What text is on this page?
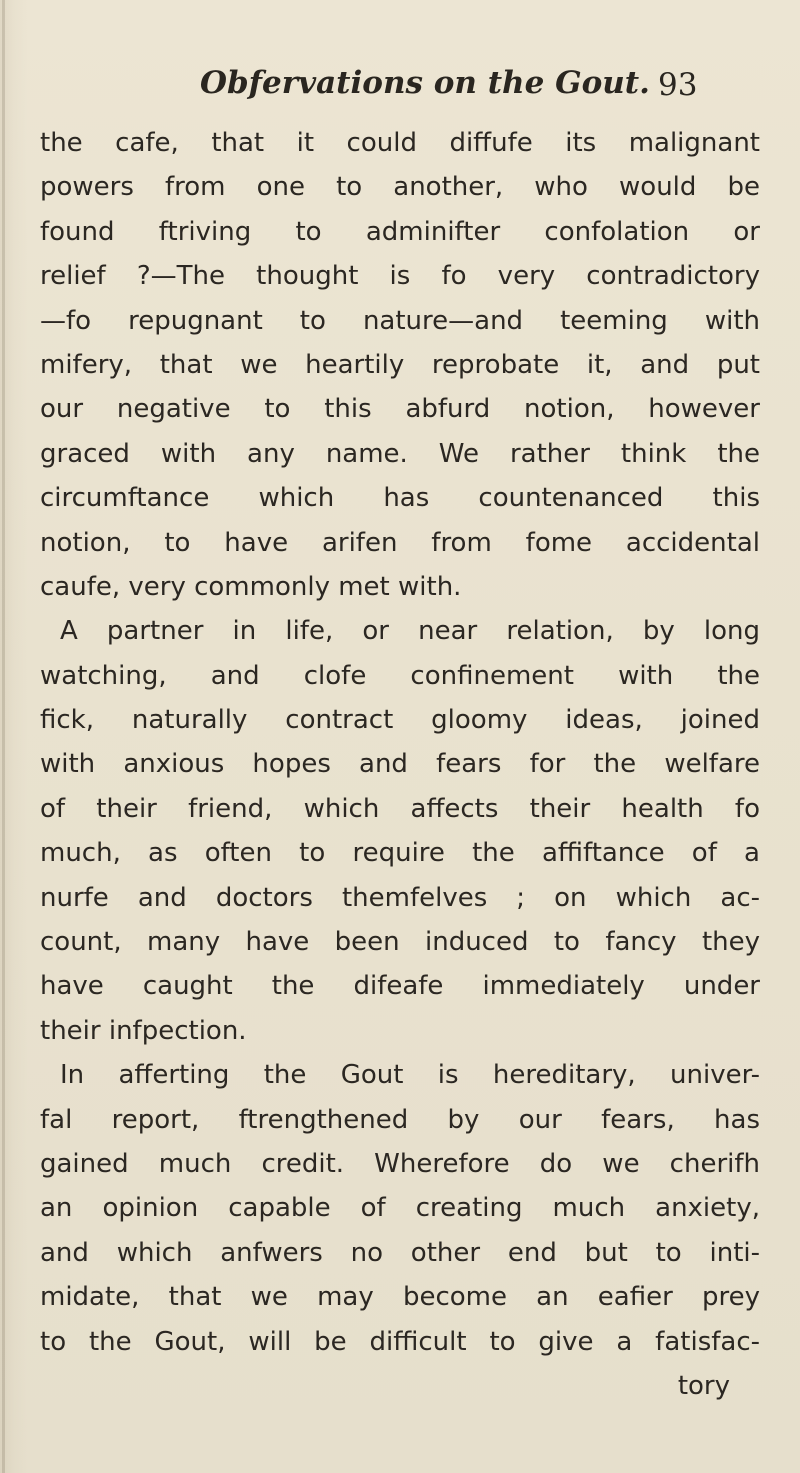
Obfervations on the Gout. 93
the cafe, that it could diffufe its malignant
powers from one to another, who would be
found ftriving to adminifter confolation or
relief ?—The thought is fo very contradictory
—fo repugnant to nature—and teeming with
mifery, that we heartily reprobate it, and put
our negative to this abfurd notion, however
graced with any name. We rather think the
circumftance which has countenanced this
notion, to have arifen from fome accidental
caufe, very commonly met with.
A partner in life, or near relation, by long
watching, and clofe confinement with the
fick, naturally contract gloomy ideas, joined
with anxious hopes and fears for the welfare
of their friend, which affects their health fo
much, as often to require the affiftance of a
nurfe and doctors themfelves ; on which ac-
count, many have been induced to fancy they
have caught the difeafe immediately under
their infpection.
In afferting the Gout is hereditary, univer-
fal report, ftrengthened by our fears, has
gained much credit. Wherefore do we cherifh
an opinion capable of creating much anxiety,
and which anfwers no other end but to inti-
midate, that we may become an eafier prey
to the Gout, will be difficult to give a fatisfac-
tory
